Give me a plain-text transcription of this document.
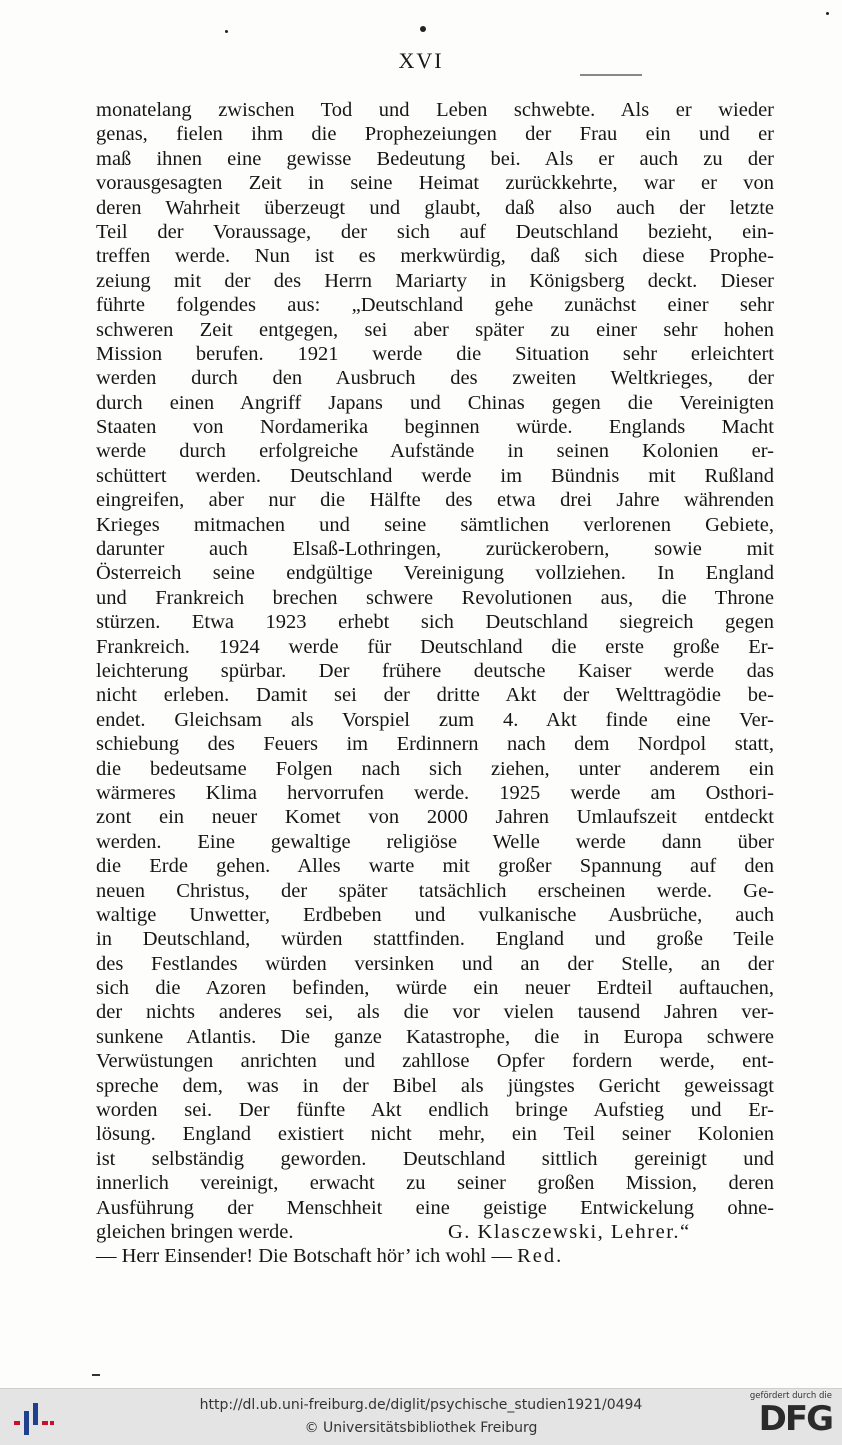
XVI
monatelang zwischen Tod und Leben schwebte. Als er wieder
genas, fielen ihm die Prophezeiungen der Frau ein und er
maß ihnen eine gewisse Bedeutung bei. Als er auch zu der
vorausgesagten Zeit in seine Heimat zurückkehrte, war er von
deren Wahrheit überzeugt und glaubt, daß also auch der letzte
Teil der Voraussage, der sich auf Deutschland bezieht, ein-
treffen werde. Nun ist es merkwürdig, daß sich diese Prophe-
zeiung mit der des Herrn Mariarty in Königsberg deckt. Dieser
führte folgendes aus: „Deutschland gehe zunächst einer sehr
schweren Zeit entgegen, sei aber später zu einer sehr hohen
Mission berufen. 1921 werde die Situation sehr erleichtert
werden durch den Ausbruch des zweiten Weltkrieges, der
durch einen Angriff Japans und Chinas gegen die Vereinigten
Staaten von Nordamerika beginnen würde. Englands Macht
werde durch erfolgreiche Aufstände in seinen Kolonien er-
schüttert werden. Deutschland werde im Bündnis mit Rußland
eingreifen, aber nur die Hälfte des etwa drei Jahre währenden
Krieges mitmachen und seine sämtlichen verlorenen Gebiete,
darunter auch Elsaß-Lothringen, zurückerobern, sowie mit
Österreich seine endgültige Vereinigung vollziehen. In England
und Frankreich brechen schwere Revolutionen aus, die Throne
stürzen. Etwa 1923 erhebt sich Deutschland siegreich gegen
Frankreich. 1924 werde für Deutschland die erste große Er-
leichterung spürbar. Der frühere deutsche Kaiser werde das
nicht erleben. Damit sei der dritte Akt der Welttragödie be-
endet. Gleichsam als Vorspiel zum 4. Akt finde eine Ver-
schiebung des Feuers im Erdinnern nach dem Nordpol statt,
die bedeutsame Folgen nach sich ziehen, unter anderem ein
wärmeres Klima hervorrufen werde. 1925 werde am Osthori-
zont ein neuer Komet von 2000 Jahren Umlaufszeit entdeckt
werden. Eine gewaltige religiöse Welle werde dann über
die Erde gehen. Alles warte mit großer Spannung auf den
neuen Christus, der später tatsächlich erscheinen werde. Ge-
waltige Unwetter, Erdbeben und vulkanische Ausbrüche, auch
in Deutschland, würden stattfinden. England und große Teile
des Festlandes würden versinken und an der Stelle, an der
sich die Azoren befinden, würde ein neuer Erdteil auftauchen,
der nichts anderes sei, als die vor vielen tausend Jahren ver-
sunkene Atlantis. Die ganze Katastrophe, die in Europa schwere
Verwüstungen anrichten und zahllose Opfer fordern werde, ent-
spreche dem, was in der Bibel als jüngstes Gericht geweissagt
worden sei. Der fünfte Akt endlich bringe Aufstieg und Er-
lösung. England existiert nicht mehr, ein Teil seiner Kolonien
ist selbständig geworden. Deutschland sittlich gereinigt und
innerlich vereinigt, erwacht zu seiner großen Mission, deren
Ausführung der Menschheit eine geistige Entwickelung ohne-
gleichen bringen werde.	G. Klasczewski, Lehrer.“
— Herr Einsender! Die Botschaft hör’ ich wohl — Red.
http://dl.ub.uni-freiburg.de/diglit/psychische_studien1921/0494
© Universitätsbibliothek Freiburg
gefördert durch die
DFG
